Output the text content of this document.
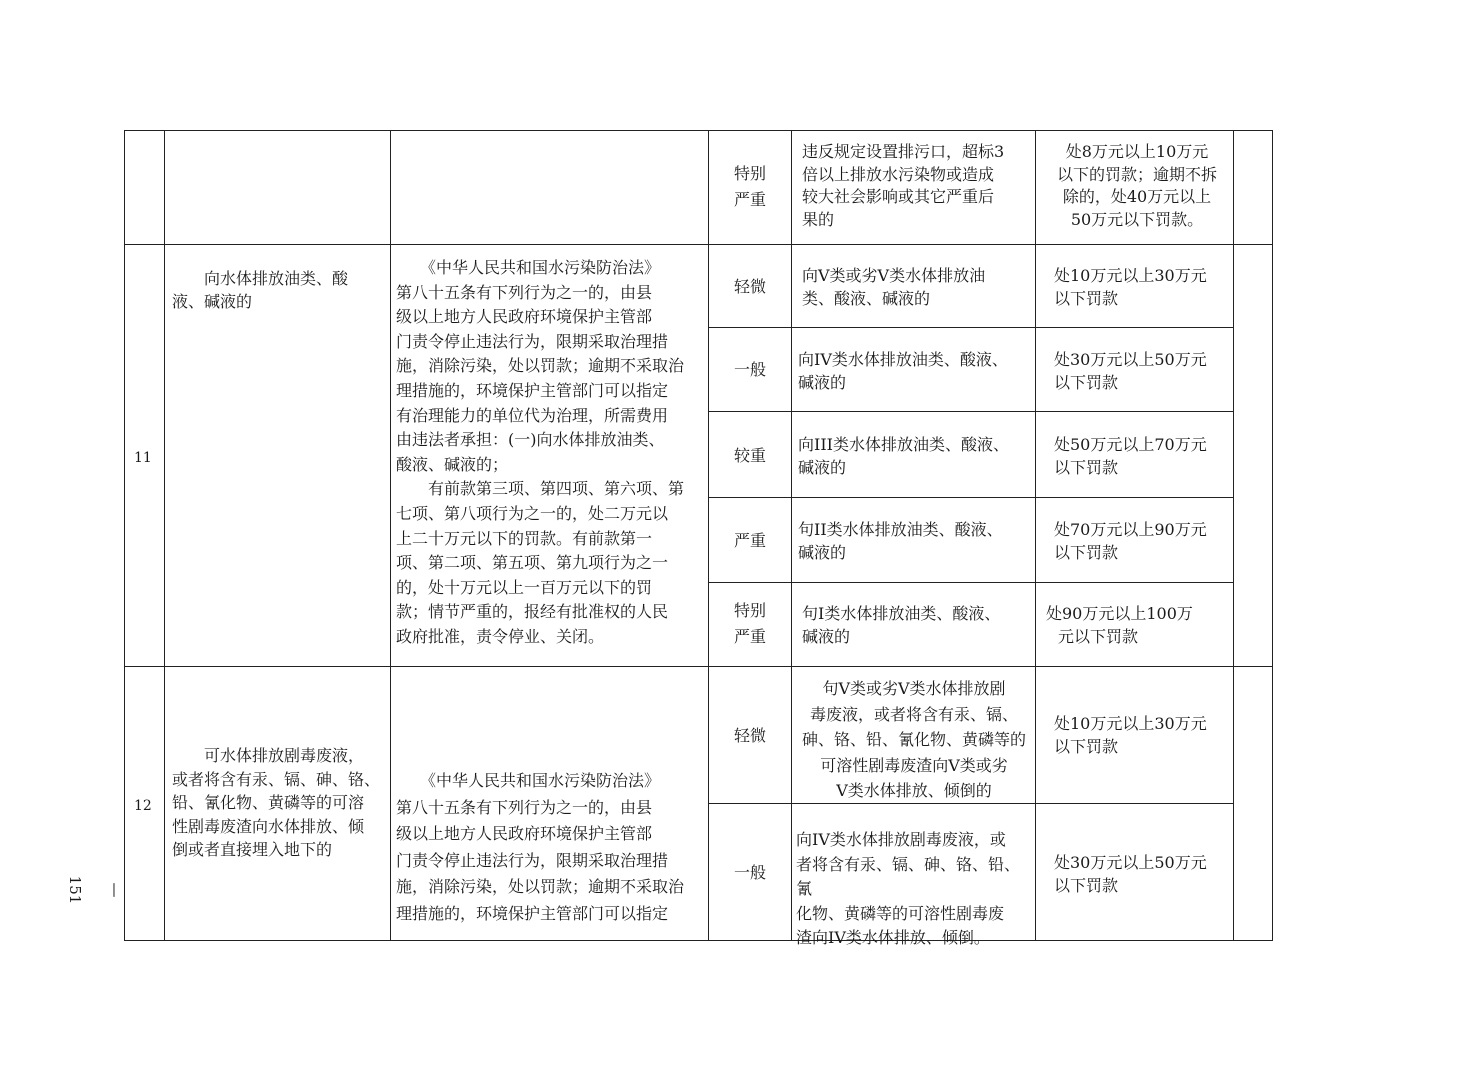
特别
严重
违反规定设置排污口，超标3
倍以上排放水污染物或造成
较大社会影响或其它严重后
果的
处8万元以上10万元
以下的罚款；逾期不拆
除的，处40万元以上
50万元以下罚款。
11
　　向水体排放油类、酸
液、碱液的
　　《中华人民共和国水污染防治法》
第八十五条有下列行为之一的，由县
级以上地方人民政府环境保护主管部
门责令停止违法行为，限期采取治理措
施，消除污染，处以罚款；逾期不采取治
理措施的，环境保护主管部门可以指定
有治理能力的单位代为治理，所需费用
由违法者承担：(一)向水体排放油类、
酸液、碱液的；
　　有前款第三项、第四项、第六项、第
七项、第八项行为之一的，处二万元以
上二十万元以下的罚款。有前款第一
项、第二项、第五项、第九项行为之一
的，处十万元以上一百万元以下的罚
款；情节严重的，报经有批准权的人民
政府批准，责令停业、关闭。
轻微
向V类或劣V类水体排放油
类、酸液、碱液的
处10万元以上30万元
以下罚款
一般
向IV类水体排放油类、酸液、
碱液的
处30万元以上50万元
以下罚款
较重
向III类水体排放油类、酸液、
碱液的
处50万元以上70万元
以下罚款
严重
句II类水体排放油类、酸液、
碱液的
处70万元以上90万元
以下罚款
特别
严重
句I类水体排放油类、酸液、
碱液的
处90万元以上100万
元以下罚款
12
　　可水体排放剧毒废液，
或者将含有汞、镉、砷、铬、
铅、氰化物、黄磷等的可溶
性剧毒废渣向水体排放、倾
倒或者直接埋入地下的
　　《中华人民共和国水污染防治法》
第八十五条有下列行为之一的，由县
级以上地方人民政府环境保护主管部
门责令停止违法行为，限期采取治理措
施，消除污染，处以罚款；逾期不采取治
理措施的，环境保护主管部门可以指定
轻微
句V类或劣V类水体排放剧
毒废液，或者将含有汞、镉、
砷、铬、铅、氰化物、黄磷等的
可溶性剧毒废渣向V类或劣
V类水体排放、倾倒的
处10万元以上30万元
以下罚款
一般
向IV类水体排放剧毒废液，或
者将含有汞、镉、砷、铬、铅、氰
化物、黄磷等的可溶性剧毒废
渣向IV类水体排放、倾倒。
处30万元以上50万元
以下罚款
—151
